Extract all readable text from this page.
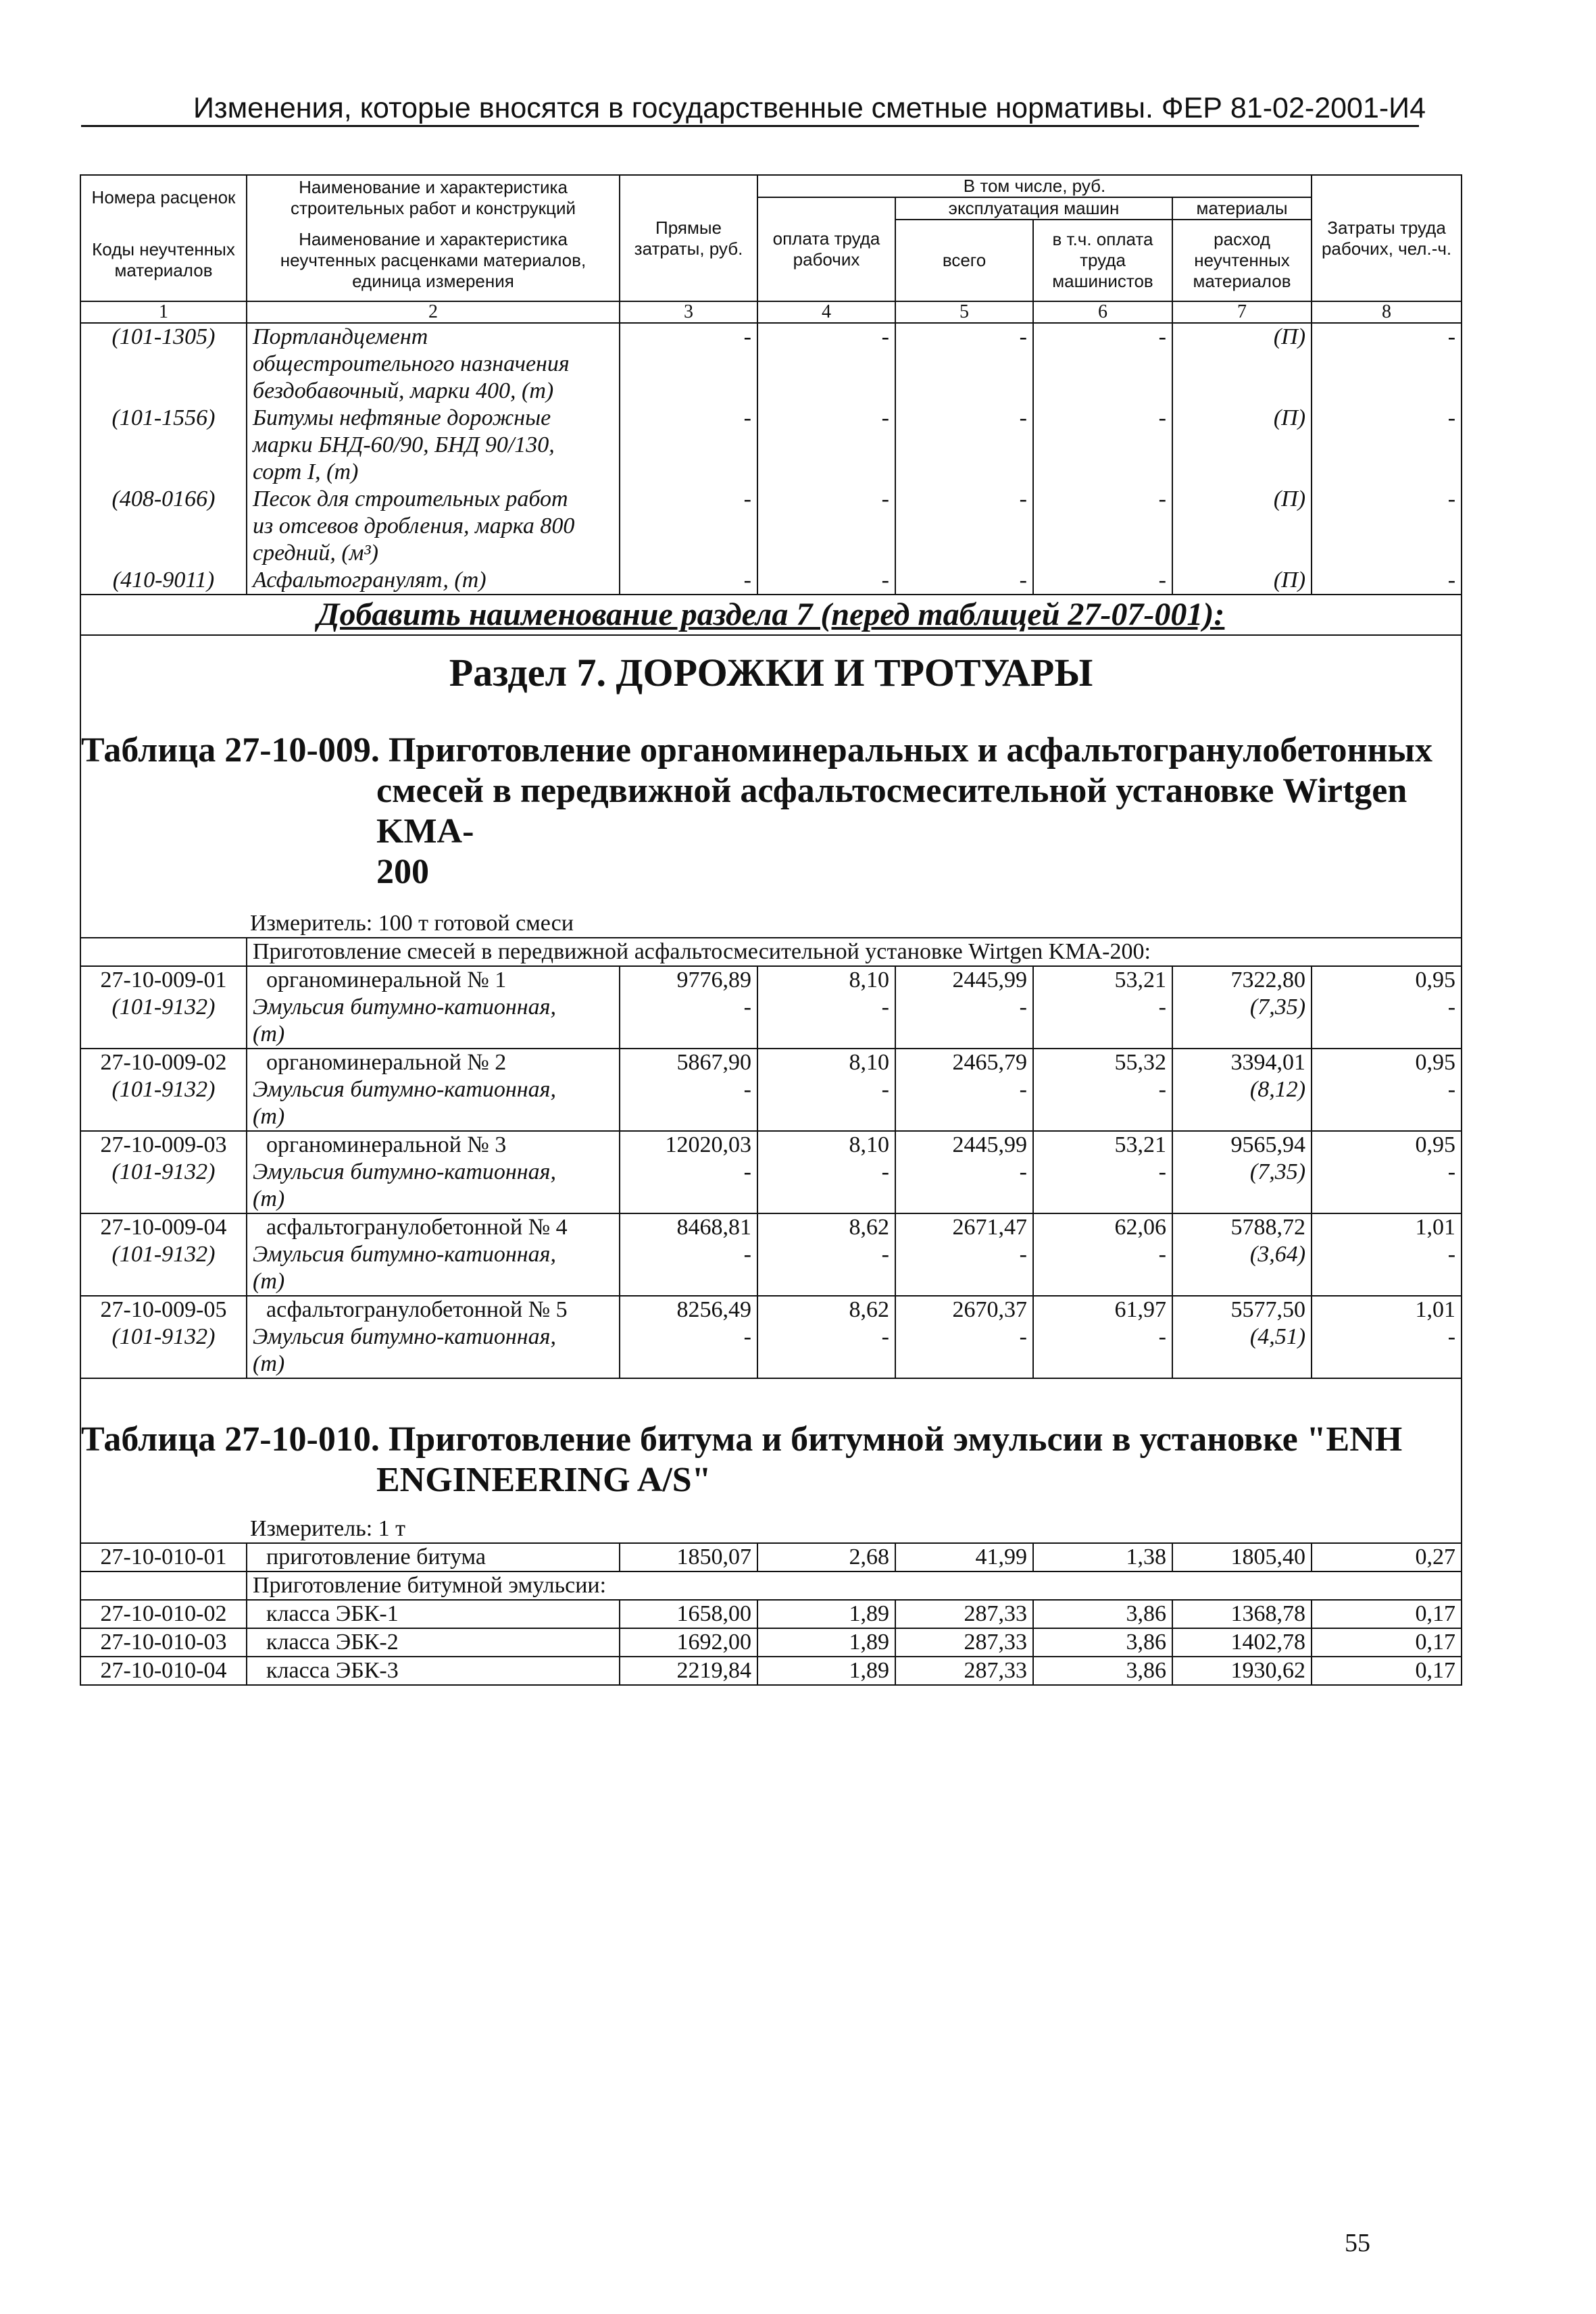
Изменения, которые вносятся в государственные сметные нормативы. ФЕР 81-02-2001-И4
Номера расценок	Наименование и характеристика строительных работ и конструкций	Прямые затраты, руб.	В том числе, руб.				Затраты труда рабочих, чел.-ч.
			оплата труда рабочих	эксплуатация машин		материалы	
Коды неучтенных материалов	Наименование и характеристика неучтенных расценками материалов, единица измерения			всего	в т.ч. оплата труда машинистов	расход неучтенных материалов	

1	2	3	4	5	6	7	8
(101-1305)	Портландцемент
общестроительного назначения
бездобавочный, марки 400, (т)	-	-	-	-	(П)	-
(101-1556)	Битумы нефтяные дорожные
марки БНД-60/90, БНД 90/130,
сорт I, (т)	-	-	-	-	(П)	-
(408-0166)	Песок для строительных работ
из отсевов дробления, марка 800
средний, (м³)	-	-	-	-	(П)	-
(410-9011)	Асфальтогранулят, (т)	-	-	-	-	(П)	-
Добавить наименование раздела 7 (перед таблицей 27-07-001):							
Раздел 7. ДОРОЖКИ И ТРОТУАРЫ							
Таблица 27-10-009. Приготовление органоминеральных и асфальтогранулобетонных
смесей в передвижной асфальтосмесительной установке Wirtgen KMA-
200							

Измеритель: 100 т готовой смеси							
	Приготовление смесей в передвижной асфальтосмесительной установке Wirtgen KMA-200:						
27-10-009-01	органоминеральной № 1	9776,89	8,10	2445,99	53,21	7322,80	0,95
(101-9132)	Эмульсия битумно-катионная,
(т)	-	-	-	-	(7,35)	-
27-10-009-02	органоминеральной № 2	5867,90	8,10	2465,79	55,32	3394,01	0,95
(101-9132)	Эмульсия битумно-катионная,
(т)	-	-	-	-	(8,12)	-
27-10-009-03	органоминеральной № 3	12020,03	8,10	2445,99	53,21	9565,94	0,95
(101-9132)	Эмульсия битумно-катионная,
(т)	-	-	-	-	(7,35)	-
27-10-009-04	асфальтогранулобетонной № 4	8468,81	8,62	2671,47	62,06	5788,72	1,01
(101-9132)	Эмульсия битумно-катионная,
(т)	-	-	-	-	(3,64)	-
27-10-009-05	асфальтогранулобетонной № 5	8256,49	8,62	2670,37	61,97	5577,50	1,01
(101-9132)	Эмульсия битумно-катионная,
(т)	-	-	-	-	(4,51)	-
Таблица 27-10-010. Приготовление битума и битумной эмульсии в установке "ENH
ENGINEERING A/S"							

Измеритель: 1 т							
27-10-010-01	приготовление битума	1850,07	2,68	41,99	1,38	1805,40	0,27
	Приготовление битумной эмульсии:						
27-10-010-02	класса ЭБК-1	1658,00	1,89	287,33	3,86	1368,78	0,17
27-10-010-03	класса ЭБК-2	1692,00	1,89	287,33	3,86	1402,78	0,17
27-10-010-04	класса ЭБК-3	2219,84	1,89	287,33	3,86	1930,62	0,17
55
